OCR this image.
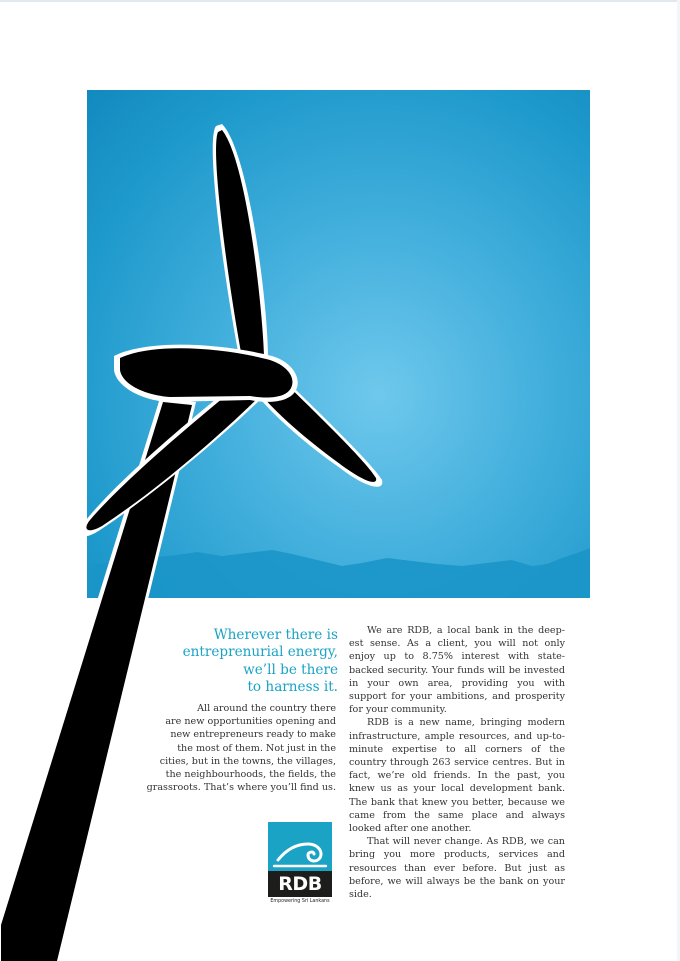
Wherever there is
entreprenurial energy,
we’ll be there
to harness it.

All around the country there
are new opportunities opening and
new entrepreneurs ready to make
the most of them. Not just in the
cities, but in the towns, the villages,
the neighbourhoods, the fields, the
grassroots. That’s where you’ll find us.

We are RDB, a local bank in the deep-est sense. As a client, you will not only enjoy up to 8.75% interest with state-backed security. Your funds will be invested in your own area, providing you with support for your ambitions, and prosperity for your community.

RDB is a new name, bringing modern infrastructure, ample resources, and up-to-minute expertise to all corners of the country through 263 service centres. But in fact, we’re old friends. In the past, you knew us as your local development bank. The bank that knew you better, because we came from the same place and always looked after one another.

That will never change. As RDB, we can bring you more products, services and resources than ever before. But just as before, we will always be the bank on your side.

RDB
Empowering Sri Lankans
